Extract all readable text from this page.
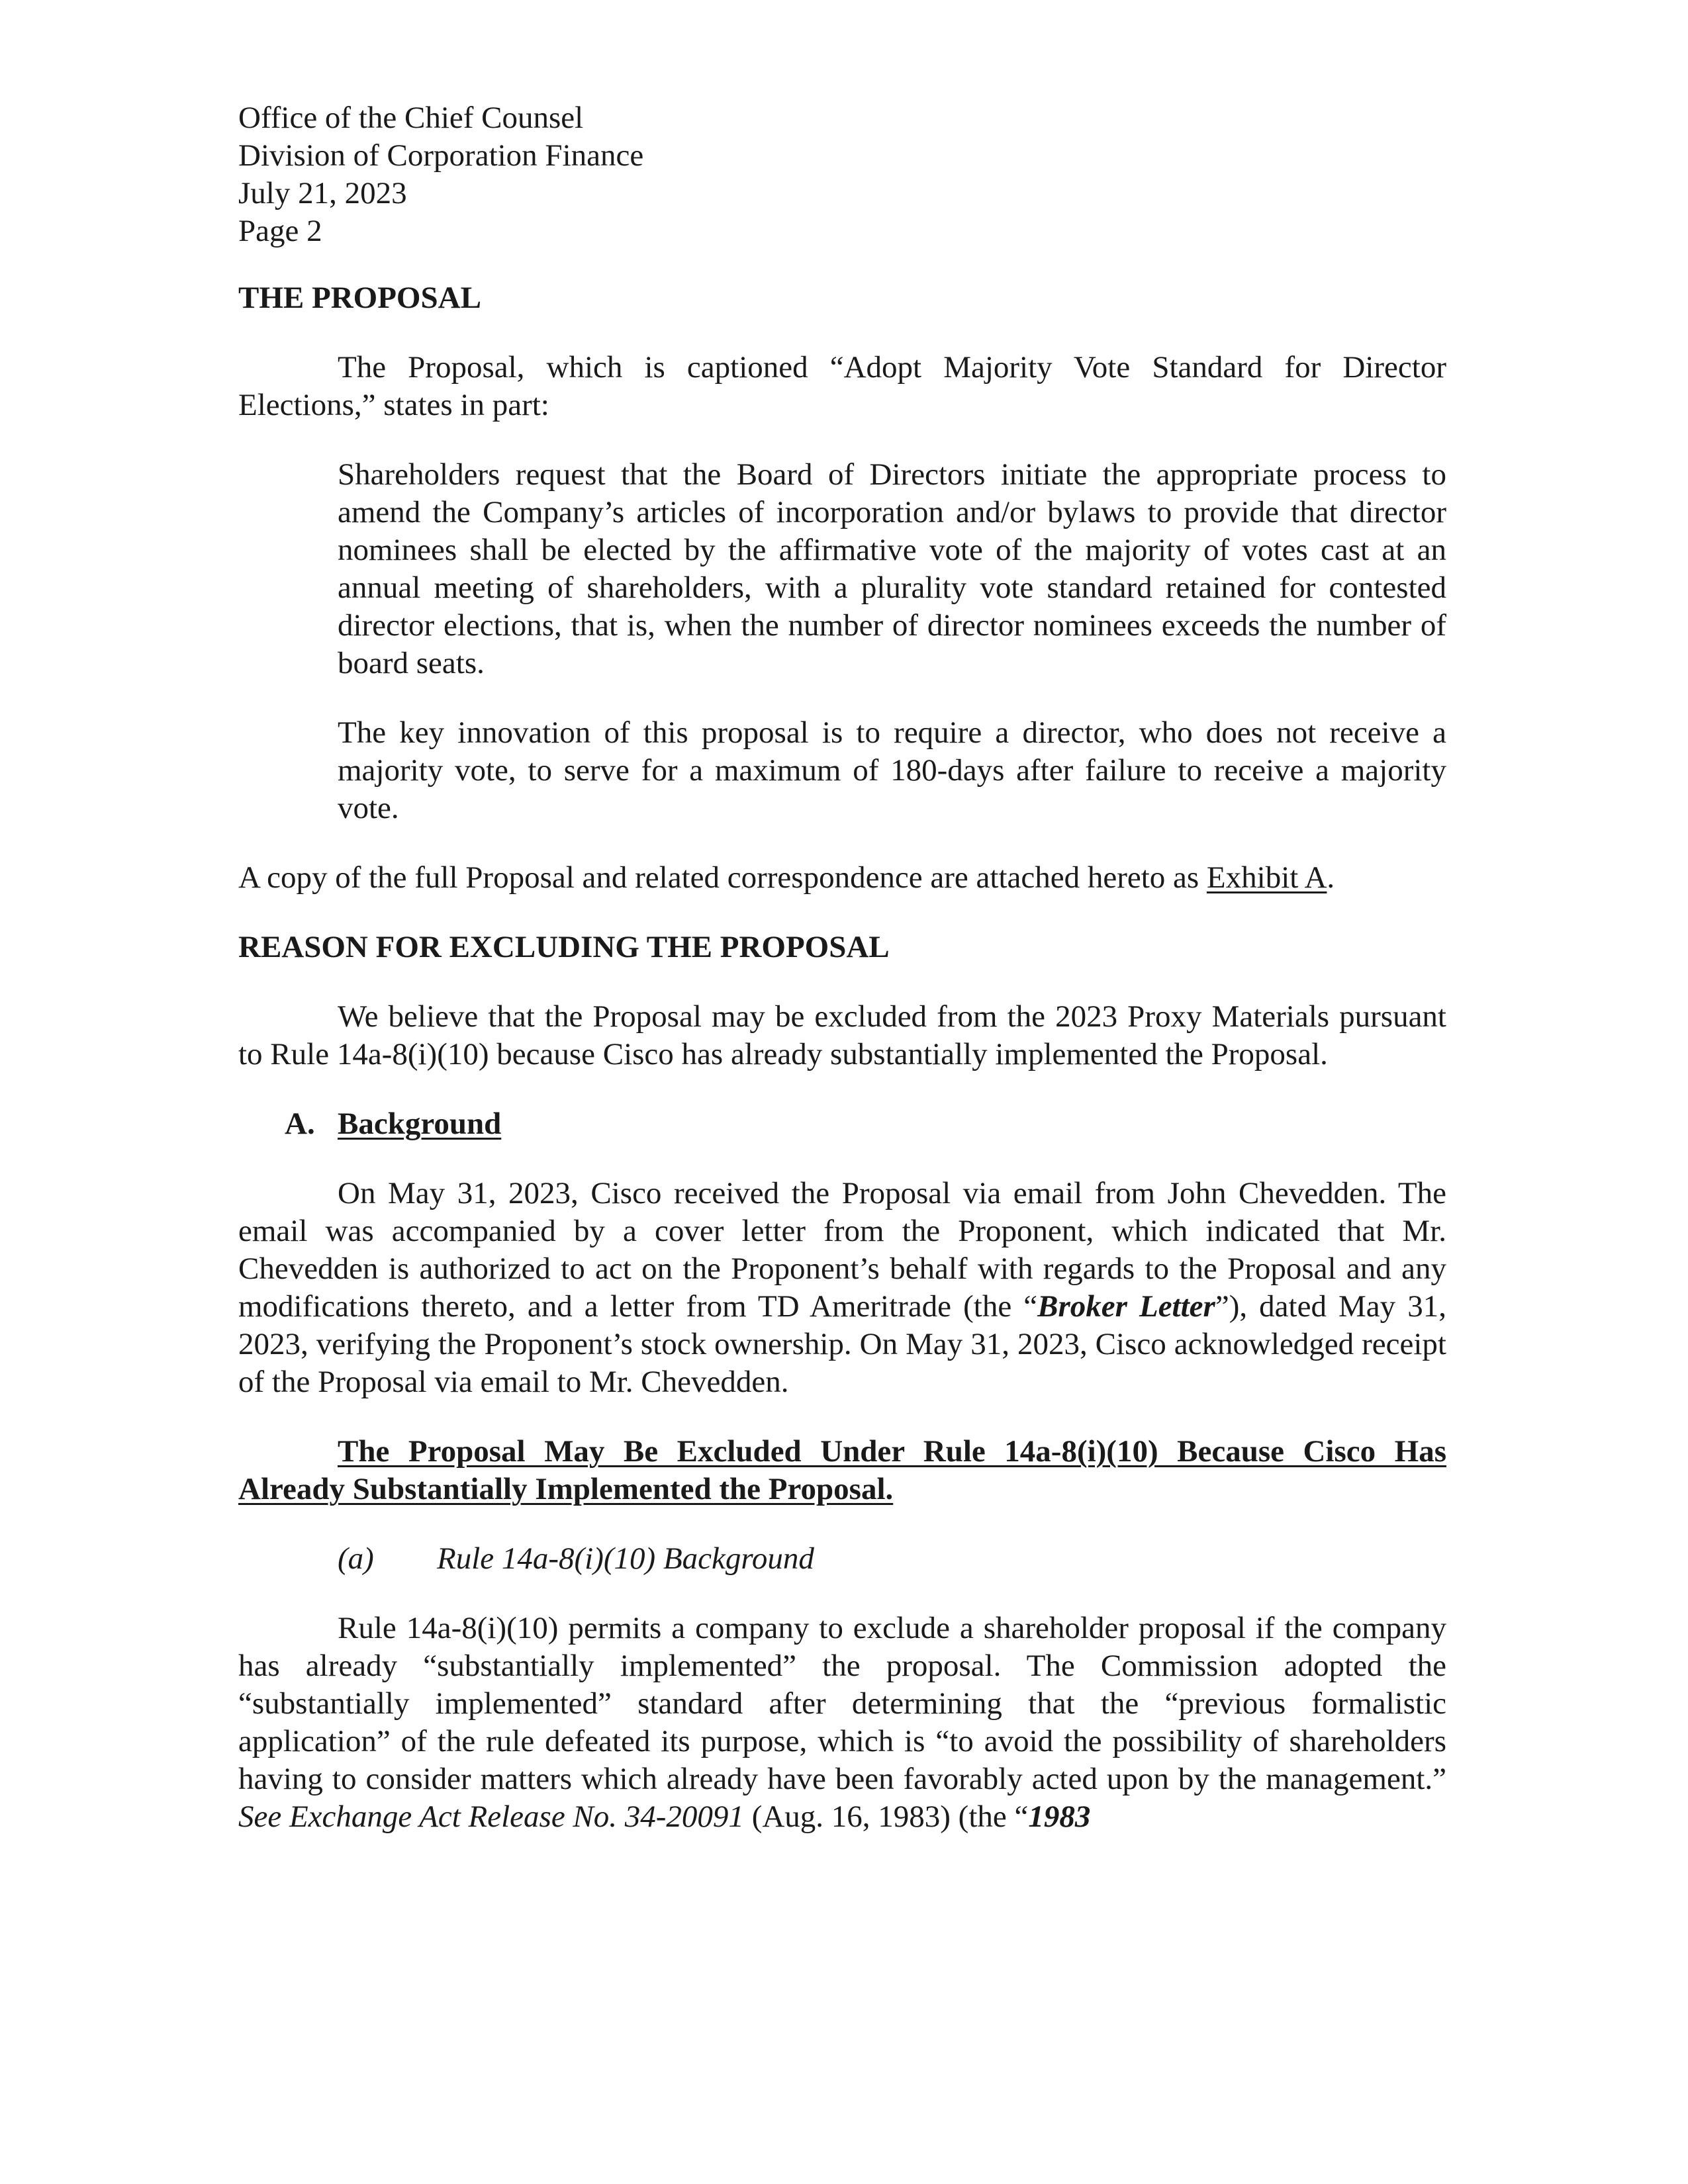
Office of the Chief Counsel
Division of Corporation Finance
July 21, 2023
Page 2
THE PROPOSAL

The Proposal, which is captioned “Adopt Majority Vote Standard for Director Elections,” states in part:

Shareholders request that the Board of Directors initiate the appropriate process to amend the Company’s articles of incorporation and/or bylaws to provide that director nominees shall be elected by the affirmative vote of the majority of votes cast at an annual meeting of shareholders, with a plurality vote standard retained for contested director elections, that is, when the number of director nominees exceeds the number of board seats.

The key innovation of this proposal is to require a director, who does not receive a majority vote, to serve for a maximum of 180-days after failure to receive a majority vote.

A copy of the full Proposal and related correspondence are attached hereto as Exhibit A.

REASON FOR EXCLUDING THE PROPOSAL

We believe that the Proposal may be excluded from the 2023 Proxy Materials pursuant to Rule 14a-8(i)(10) because Cisco has already substantially implemented the Proposal.

A. Background

On May 31, 2023, Cisco received the Proposal via email from John Chevedden. The email was accompanied by a cover letter from the Proponent, which indicated that Mr. Chevedden is authorized to act on the Proponent’s behalf with regards to the Proposal and any modifications thereto, and a letter from TD Ameritrade (the “Broker Letter”), dated May 31, 2023, verifying the Proponent’s stock ownership. On May 31, 2023, Cisco acknowledged receipt of the Proposal via email to Mr. Chevedden.

The Proposal May Be Excluded Under Rule 14a-8(i)(10) Because Cisco Has Already Substantially Implemented the Proposal.
(a) Rule 14a-8(i)(10) Background

Rule 14a-8(i)(10) permits a company to exclude a shareholder proposal if the company has already “substantially implemented” the proposal. The Commission adopted the “substantially implemented” standard after determining that the “previous formalistic application” of the rule defeated its purpose, which is “to avoid the possibility of shareholders having to consider matters which already have been favorably acted upon by the management.” See Exchange Act Release No. 34-20091 (Aug. 16, 1983) (the “1983
